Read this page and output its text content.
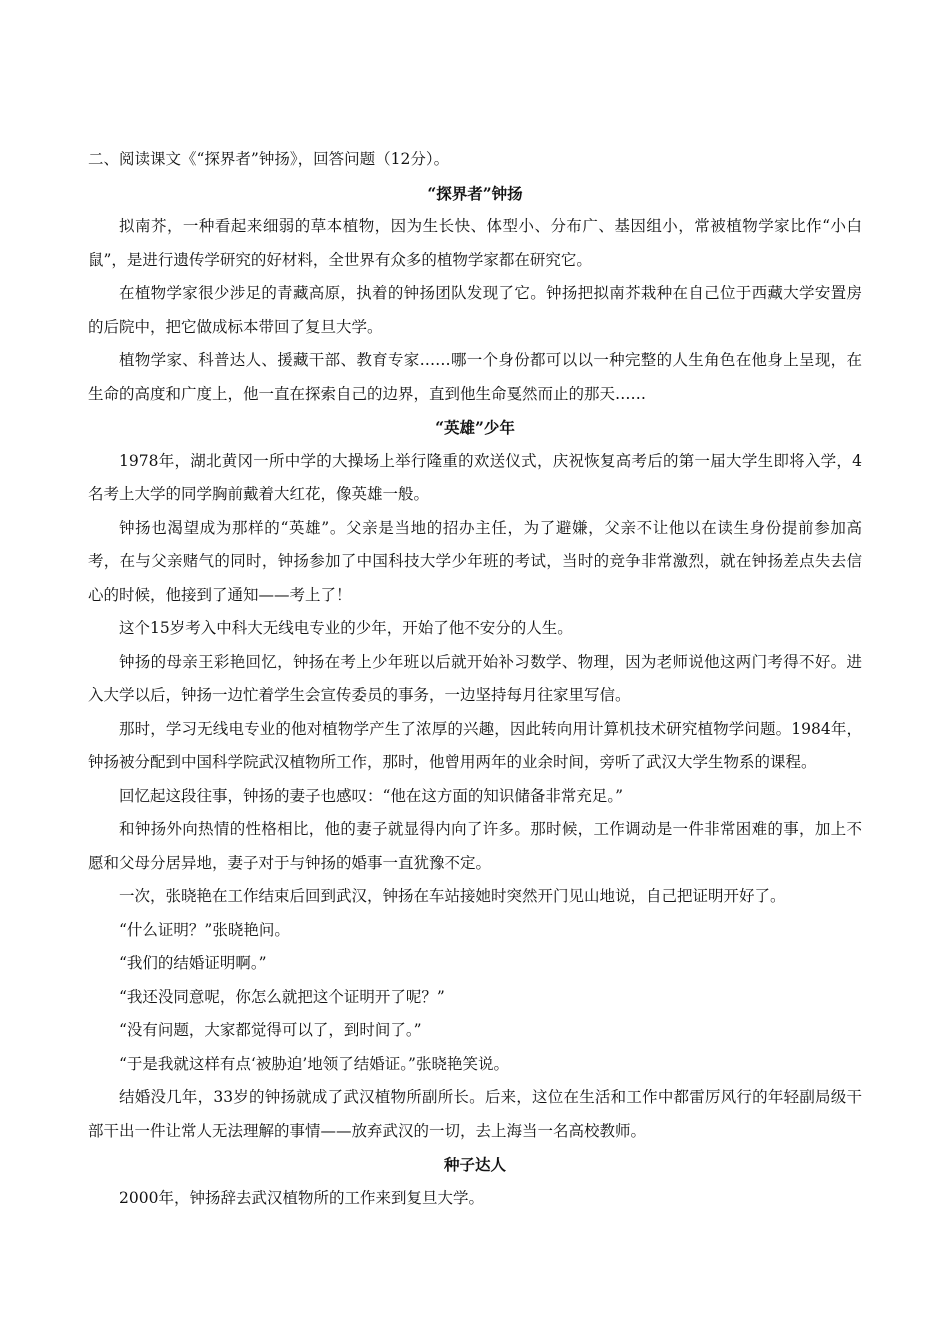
二、阅读课文《“探界者”钟扬》，回答问题（12分）。
“探界者”钟扬
拟南芥，一种看起来细弱的草本植物，因为生长快、体型小、分布广、基因组小，常被植物学家比作“小白鼠”，是进行遗传学研究的好材料，全世界有众多的植物学家都在研究它。
在植物学家很少涉足的青藏高原，执着的钟扬团队发现了它。钟扬把拟南芥栽种在自己位于西藏大学安置房的后院中，把它做成标本带回了复旦大学。
植物学家、科普达人、援藏干部、教育专家……哪一个身份都可以以一种完整的人生角色在他身上呈现，在生命的高度和广度上，他一直在探索自己的边界，直到他生命戛然而止的那天……
“英雄”少年
1978年，湖北黄冈一所中学的大操场上举行隆重的欢送仪式，庆祝恢复高考后的第一届大学生即将入学，4名考上大学的同学胸前戴着大红花，像英雄一般。
钟扬也渴望成为那样的“英雄”。父亲是当地的招办主任，为了避嫌，父亲不让他以在读生身份提前参加高考，在与父亲赌气的同时，钟扬参加了中国科技大学少年班的考试，当时的竞争非常激烈，就在钟扬差点失去信心的时候，他接到了通知——考上了！
这个15岁考入中科大无线电专业的少年，开始了他不安分的人生。
钟扬的母亲王彩艳回忆，钟扬在考上少年班以后就开始补习数学、物理，因为老师说他这两门考得不好。进入大学以后，钟扬一边忙着学生会宣传委员的事务，一边坚持每月往家里写信。
那时，学习无线电专业的他对植物学产生了浓厚的兴趣，因此转向用计算机技术研究植物学问题。1984年，钟扬被分配到中国科学院武汉植物所工作，那时，他曾用两年的业余时间，旁听了武汉大学生物系的课程。
回忆起这段往事，钟扬的妻子也感叹：“他在这方面的知识储备非常充足。”
和钟扬外向热情的性格相比，他的妻子就显得内向了许多。那时候，工作调动是一件非常困难的事，加上不愿和父母分居异地，妻子对于与钟扬的婚事一直犹豫不定。
一次，张晓艳在工作结束后回到武汉，钟扬在车站接她时突然开门见山地说，自己把证明开好了。
“什么证明？”张晓艳问。
“我们的结婚证明啊。”
“我还没同意呢，你怎么就把这个证明开了呢？”
“没有问题，大家都觉得可以了，到时间了。”
“于是我就这样有点‘被胁迫’地领了结婚证。”张晓艳笑说。
结婚没几年，33岁的钟扬就成了武汉植物所副所长。后来，这位在生活和工作中都雷厉风行的年轻副局级干部干出一件让常人无法理解的事情——放弃武汉的一切，去上海当一名高校教师。
种子达人
2000年，钟扬辞去武汉植物所的工作来到复旦大学。
